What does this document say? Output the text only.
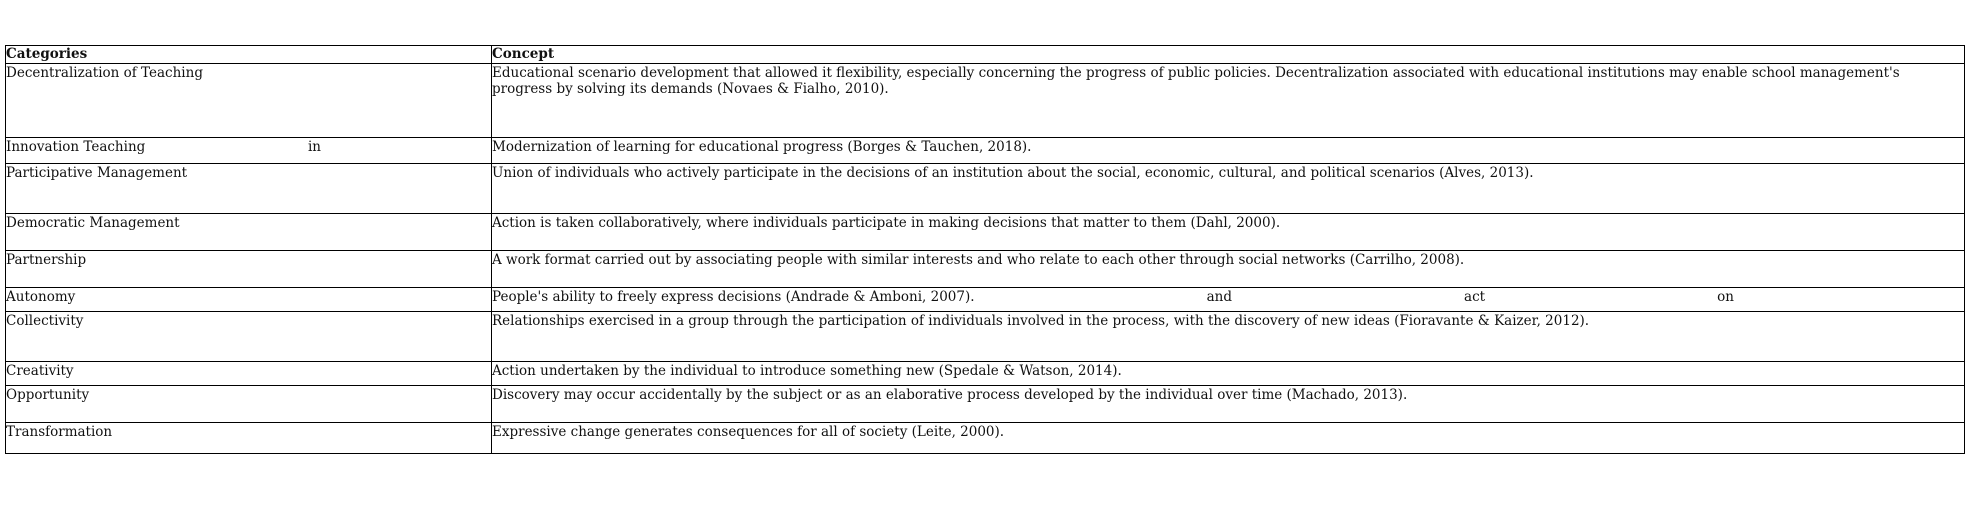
Categories	Concept

Decentralization of Teaching	Educational scenario development that allowed it flexibility, especially concerning the progress of public policies. Decentralization associated with educational institutions may enable school management's progress by solving its demands (Novaes & Fialho, 2010).

Innovation Teaching in	Modernization of learning for educational progress (Borges & Tauchen, 2018).

Participative Management	Union of individuals who actively participate in the decisions of an institution about the social, economic, cultural, and political scenarios (Alves, 2013).

Democratic Management	Action is taken collaboratively, where individuals participate in making decisions that matter to them (Dahl, 2000).

Partnership	A work format carried out by associating people with similar interests and who relate to each other through social networks (Carrilho, 2008).

Autonomy	People's ability to freely express decisions (Andrade & Amboni, 2007). and act on

Collectivity	Relationships exercised in a group through the participation of individuals involved in the process, with the discovery of new ideas (Fioravante & Kaizer, 2012).

Creativity	Action undertaken by the individual to introduce something new (Spedale & Watson, 2014).

Opportunity	Discovery may occur accidentally by the subject or as an elaborative process developed by the individual over time (Machado, 2013).

Transformation	Expressive change generates consequences for all of society (Leite, 2000).
